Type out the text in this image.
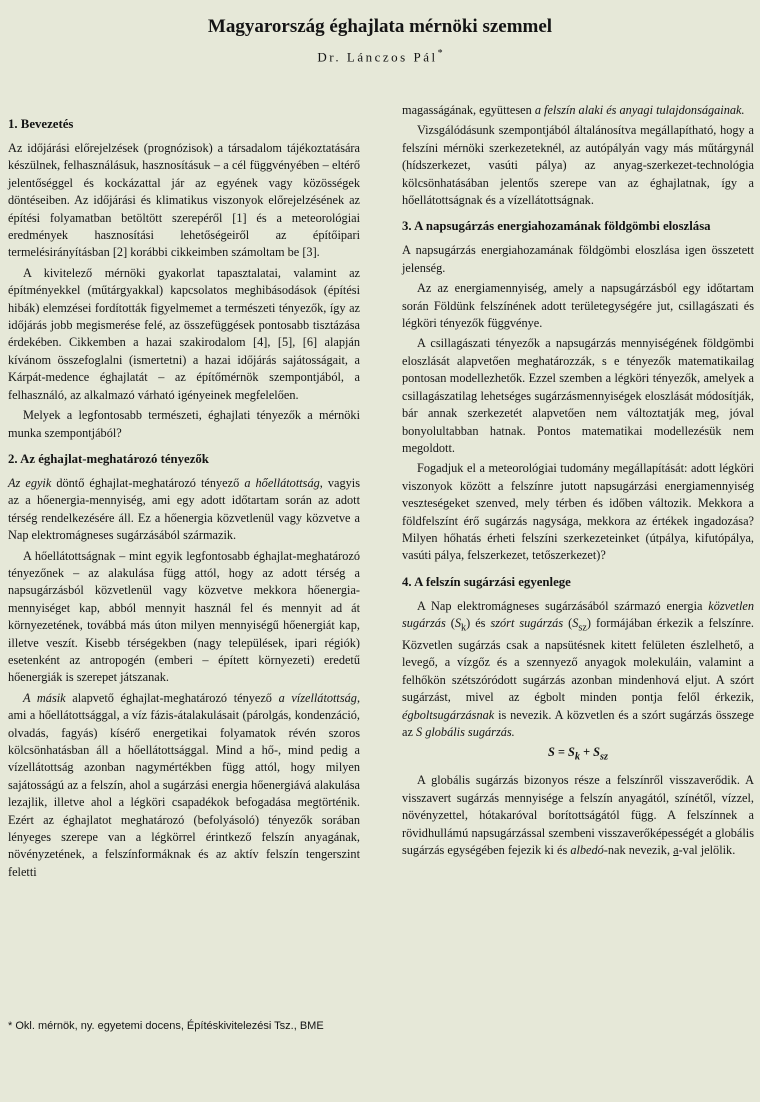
Magyarország éghajlata mérnöki szemmel
Dr. Lánczos Pál*
1. Bevezetés

Az időjárási előrejelzések (prognózisok) a társadalom tájékoztatására készülnek, felhasználásuk, hasznosításuk – a cél függvényében – eltérő jelentőséggel és kockázattal jár az egyének vagy közösségek döntéseiben. Az időjárási és klimatikus viszonyok előrejelzésének az építési folyamatban betöltött szerepéről [1] és a meteorológiai eredmények hasznosítási lehetőségeiről az építőipari termelésirányításban [2] korábbi cikkeimben számoltam be [3].

A kivitelező mérnöki gyakorlat tapasztalatai, valamint az építményekkel (műtárgyakkal) kapcsolatos meghibásodások (építési hibák) elemzései fordították figyelmemet a természeti tényezők, így az időjárás jobb megismerése felé, az összefüggések pontosabb tisztázása érdekében. Cikkemben a hazai szakirodalom [4], [5], [6] alapján kívánom összefoglalni (ismertetni) a hazai időjárás sajátosságait, a Kárpát-medence éghajlatát – az építőmérnök szempontjából, a felhasználó, az alkalmazó várható igényeinek megfelelően.

Melyek a legfontosabb természeti, éghajlati tényezők a mérnöki munka szempontjából?

2. Az éghajlat-meghatározó tényezők

Az egyik döntő éghajlat-meghatározó tényező a hőellátottság, vagyis az a hőenergia-mennyiség, ami egy adott időtartam során az adott térség rendelkezésére áll. Ez a hőenergia közvetlenül vagy közvetve a Nap elektromágneses sugárzásából származik.

A hőellátottságnak – mint egyik legfontosabb éghajlat-meghatározó tényezőnek – az alakulása függ attól, hogy az adott térség a napsugárzásból közvetlenül vagy közvetve mekkora hőenergia-mennyiséget kap, abból mennyit használ fel és mennyit ad át környezetének, továbbá más úton milyen mennyiségű hőenergiát kap, illetve veszít. Kisebb térségekben (nagy települések, ipari régiók) esetenként az antropogén (emberi – épített környezeti) eredetű hőenergiák is szerepet játszanak.

A másik alapvető éghajlat-meghatározó tényező a vízellátottság, ami a hőellátottsággal, a víz fázis-átalakulásait (párolgás, kondenzáció, olvadás, fagyás) kísérő energetikai folyamatok révén szoros kölcsönhatásban áll a hőellátottsággal. Mind a hő-, mind pedig a vízellátottság azonban nagymértékben függ attól, hogy milyen sajátosságú az a felszín, ahol a sugárzási energia hőenergiává alakulása lezajlik, illetve ahol a légköri csapadékok befogadása megtörténik. Ezért az éghajlatot meghatározó (befolyásoló) tényezők sorában lényeges szerepe van a légkörrel érintkező felszín anyagának, növényzetének, a felszínformáknak és az aktív felszín tengerszint feletti

magasságának, együttesen a felszín alaki és anyagi tulajdonságainak.

Vizsgálódásunk szempontjából általánosítva megállapítható, hogy a felszíni mérnöki szerkezeteknél, az autópályán vagy más műtárgynál (hídszerkezet, vasúti pálya) az anyag-szerkezet-technológia kölcsönhatásában jelentős szerepe van az éghajlatnak, így a hőellátottságnak és a vízellátottságnak.

3. A napsugárzás energiahozamának földgömbi eloszlása

A napsugárzás energiahozamának földgömbi eloszlása igen összetett jelenség.

Az az energiamennyiség, amely a napsugárzásból egy időtartam során Földünk felszínének adott területegységére jut, csillagászati és légköri tényezők függvénye.

A csillagászati tényezők a napsugárzás mennyiségének földgömbi eloszlását alapvetően meghatározzák, s e tényezők matematikailag pontosan modellezhetők. Ezzel szemben a légköri tényezők, amelyek a csillagászatilag lehetséges sugárzásmennyiségek eloszlását módosítják, bár annak szerkezetét alapvetően nem változtatják meg, jóval bonyolultabban hatnak. Pontos matematikai modellezésük nem megoldott.

Fogadjuk el a meteorológiai tudomány megállapítását: adott légköri viszonyok között a felszínre jutott napsugárzási energiamennyiség veszteségeket szenved, mely térben és időben változik. Mekkora a földfelszínt érő sugárzás nagysága, mekkora az értékek ingadozása? Milyen hőhatás érheti felszíni szerkezeteinket (útpálya, kifutópálya, vasúti pálya, felszerkezet, tetőszerkezet)?

4. A felszín sugárzási egyenlege

A Nap elektromágneses sugárzásából származó energia közvetlen sugárzás $(S_k)$ és szórt sugárzás $(S_{sz})$ formájában érkezik a felszínre. Közvetlen sugárzás csak a napsütésnek kitett felületen észlelhető, a levegő, a vízgőz és a szennyező anyagok molekuláin, valamint a felhőkön szétszóródott sugárzás azonban mindenhová eljut. A szórt sugárzást, mivel az égbolt minden pontja felől érkezik, égboltsugárzásnak is nevezik. A közvetlen és a szórt sugárzás összege az S globális sugárzás.

$S = S_k + S_{sz}$

A globális sugárzás bizonyos része a felszínről visszaverődik. A visszavert sugárzás mennyisége a felszín anyagától, színétől, vízzel, növényzettel, hótakaróval borítottságától függ. A felszínnek a rövidhullámú napsugárzással szembeni visszaverőképességét a globális sugárzás egységében fejezik ki és albedó-nak nevezik, a-val jelölik.

* Okl. mérnök, ny. egyetemi docens, Építéskivitelezési Tsz., BME
